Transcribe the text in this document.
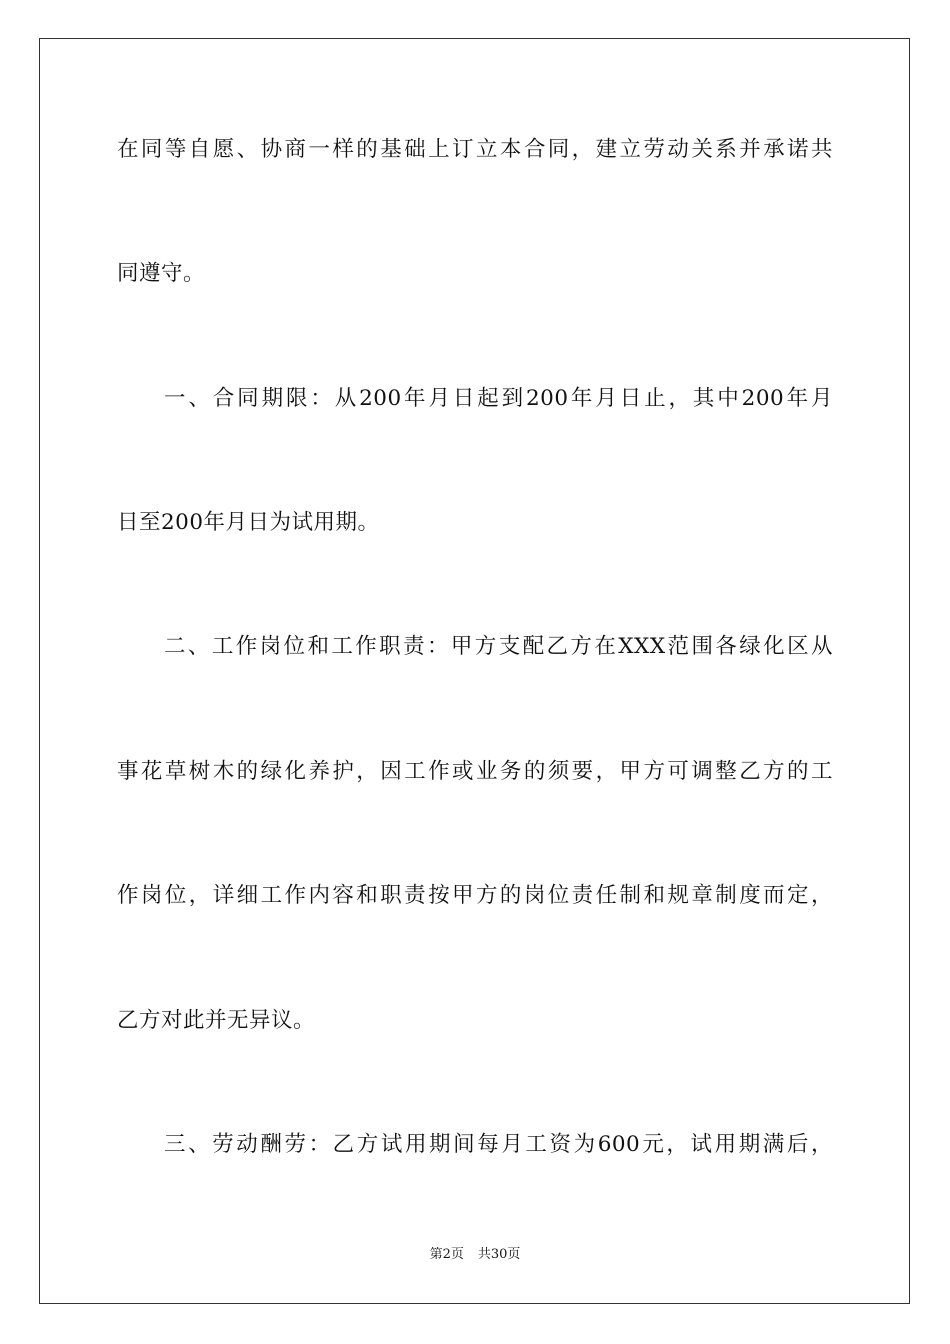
在同等自愿、协商一样的基础上订立本合同，建立劳动关系并承诺共
同遵守。
一、合同期限：从200年月日起到200年月日止，其中200年月
日至200年月日为试用期。
二、工作岗位和工作职责：甲方支配乙方在XXX范围各绿化区从
事花草树木的绿化养护，因工作或业务的须要，甲方可调整乙方的工
作岗位，详细工作内容和职责按甲方的岗位责任制和规章制度而定，
乙方对此并无异议。
三、劳动酬劳：乙方试用期间每月工资为600元，试用期满后，
第2页 共30页
